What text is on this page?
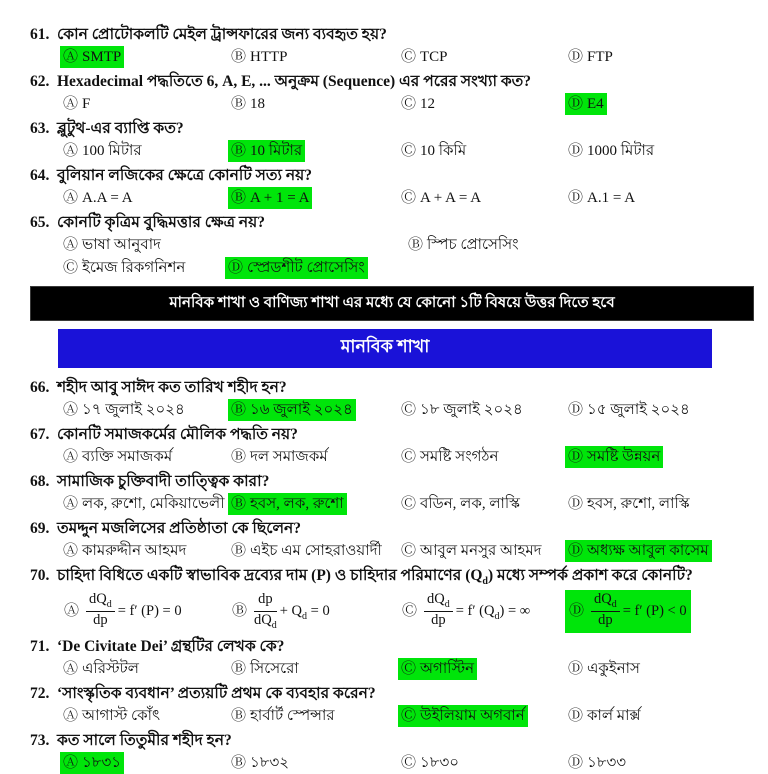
61. কোন প্রোটোকলটি মেইল ট্রান্সফারের জন্য ব্যবহৃত হয়?
Ⓐ SMTP	Ⓑ HTTP	Ⓒ TCP	Ⓓ FTP
62. Hexadecimal পদ্ধতিতে 6, A, E, ... অনুক্রম (Sequence) এর পরের সংখ্যা কত?
Ⓐ F	Ⓑ 18	Ⓒ 12	Ⓓ E4
63. ব্লুটুথ-এর ব্যাপ্তি কত?
Ⓐ 100 মিটার	Ⓑ 10 মিটার	Ⓒ 10 কিমি	Ⓓ 1000 মিটার
64. বুলিয়ান লজিকের ক্ষেত্রে কোনটি সত্য নয়?
Ⓐ A.A = A	Ⓑ A + 1 = A	Ⓒ A + A = A	Ⓓ A.1 = A
65. কোনটি কৃত্রিম বুদ্ধিমত্তার ক্ষেত্র নয়?
Ⓐ ভাষা আনুবাদ	Ⓑ স্পিচ প্রোসেসিং
Ⓒ ইমেজ রিকগনিশন	Ⓓ স্প্রেডশীট প্রোসেসিং
মানবিক শাখা ও বাণিজ্য শাখা এর মধ্যে যে কোনো ১টি বিষয়ে উত্তর দিতে হবে
মানবিক শাখা
66. শহীদ আবু সাঈদ কত তারিখ শহীদ হন?
Ⓐ ১৭ জুলাই ২০২৪	Ⓑ ১৬ জুলাই ২০২৪	Ⓒ ১৮ জুলাই ২০২৪	Ⓓ ১৫ জুলাই ২০২৪
67. কোনটি সমাজকর্মের মৌলিক পদ্ধতি নয়?
Ⓐ ব্যক্তি সমাজকর্ম	Ⓑ দল সমাজকর্ম	Ⓒ সমষ্টি সংগঠন	Ⓓ সমষ্টি উন্নয়ন
68. সামাজিক চুক্তিবাদী তাত্ত্বিক কারা?
Ⓐ লক, রুশো, মেকিয়াভেলী Ⓑ হবস, লক, রুশো	Ⓒ বডিন, লক, লাস্কি	Ⓓ হবস, রুশো, লাস্কি
69. তমদ্দুন মজলিসের প্রতিষ্ঠাতা কে ছিলেন?
Ⓐ কামরুদ্দীন আহমদ	Ⓑ এইচ এম সোহরাওয়ার্দী Ⓒ আবুল মনসুর আহমদ Ⓓ অধ্যক্ষ আবুল কাসেম
70. চাহিদা বিধিতে একটি স্বাভাবিক দ্রব্যের দাম (P) ও চাহিদার পরিমাণের $(Q_d)$ মধ্যে সম্পর্ক প্রকাশ করে কোনটি?
Ⓐ $\frac{dQ_d}{dp} = f'$ (P) = 0	Ⓑ $\frac{dp}{dQ_d} + Q_d = 0$	Ⓒ $\frac{dQ_d}{dp} = f'$ $(Q_d)$ = ∞	Ⓓ $\frac{dQ_d}{dp} = f'$ (P) < 0
71. ‘De Civitate Dei’ গ্রন্থটির লেখক কে?
Ⓐ এরিস্টটল	Ⓑ সিসেরো	Ⓒ অগাস্টিন	Ⓓ একুইনাস
72. ‘সাংস্কৃতিক ব্যবধান’ প্রত্যয়টি প্রথম কে ব্যবহার করেন?
Ⓐ আগাস্ট কোঁৎ	Ⓑ হার্বার্ট স্পেন্সার	Ⓒ উইলিয়াম অগবার্ন	Ⓓ কার্ল মার্ক্স
73. কত সালে তিতুমীর শহীদ হন?
Ⓐ ১৮৩১	Ⓑ ১৮৩২	Ⓒ ১৮৩০	Ⓓ ১৮৩৩
